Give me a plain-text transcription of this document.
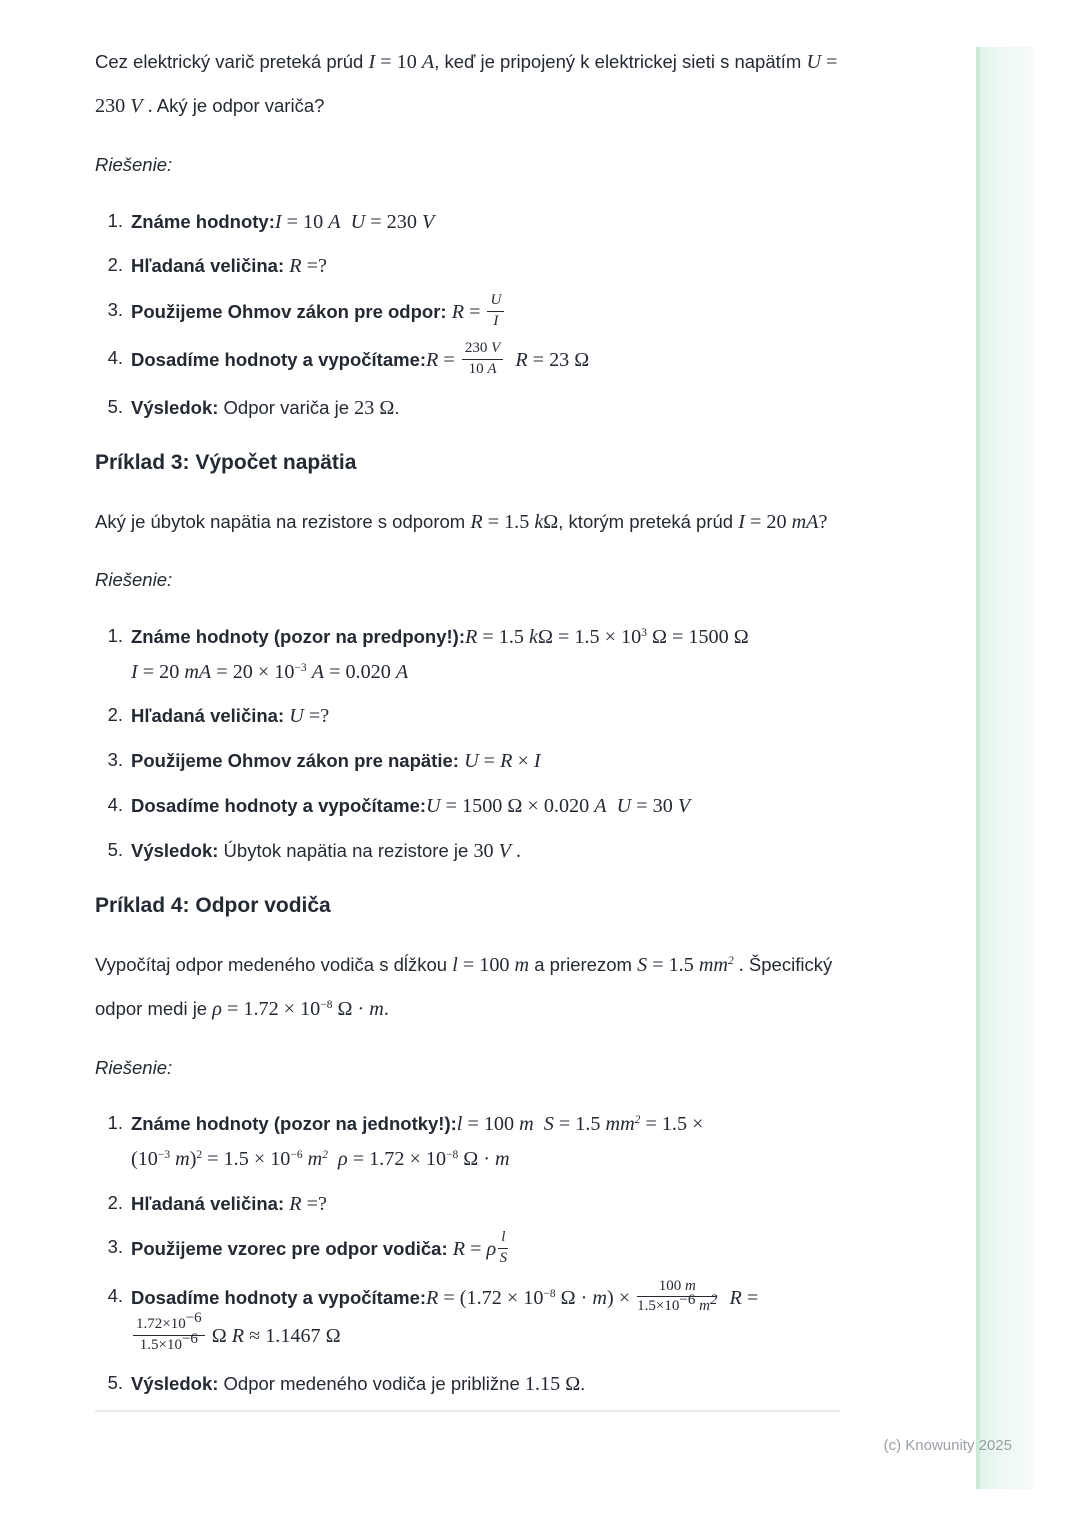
Cez elektrický varič preteká prúd I = 10 A, keď je pripojený k elektrickej sieti s napätím U = 230 V . Aký je odpor variča?

Riešenie:

1. Známe hodnoty:I = 10 A  U = 230 V
2. Hľadaná veličina: R =?
3. Použijeme Ohmov zákon pre odpor: $R = \frac{U}{I}$
4. Dosadíme hodnoty a vypočítame:R = $\frac{230 V}{10 A}$
  R = 23 Ω
5. Výsledok: Odpor variča je 23 Ω.
Príklad 3: Výpočet napätia

Aký je úbytok napätia na rezistore s odporom R = 1.5 kΩ, ktorým preteká prúd I = 20 mA?

Riešenie:

1. Známe hodnoty (pozor na predpony!):R = 1.5 $k\Omega = 1.5 \times 10^3$ Ω = 1500 Ω
I = 20 mA = $20 \times 10^{-3}$ A = 0.020 A
2. Hľadaná veličina: U =?
3. Použijeme Ohmov zákon pre napätie: U = R × I
4. Dosadíme hodnoty a vypočítame:U = 1500 Ω × 0.020 A  U = 30 V
5. Výsledok: Úbytok napätia na rezistore je 30 V .
Príklad 4: Odpor vodiča

Vypočítaj odpor medeného vodiča s dĺžkou l = 100 m a prierezom S = 1.5 $mm^2$ . Špecifický odpor medi je $\rho = 1.72 \times 10^{-8}$ Ω · m.

Riešenie:

1. Známe hodnoty (pozor na jednotky!):l = 100 m  S = 1.5 $mm^2 = 1.5$ ×
($10^{-3}$ $m)^2 = 1.5 \times 10^{-6}$ $m^2$  $\rho = 1.72 \times 10^{-8}$ Ω · m
2. Hľadaná veličina: R =?
3. Použijeme vzorec pre odpor vodiča: R = ρ $\frac{l}{S}$
4. Dosadíme hodnoty a vypočítame:R = ($1.72 \times 10^{-8}$ $\Omega \cdot m) \times \frac{100 m}{1.5\times 10-6 m2}$
  R =
$\frac{1.72\times 10-6}{1.5\times 10-6}$ Ω R ≈ 1.1467 Ω
5. Výsledok: Odpor medeného vodiča je približne 1.15 Ω.
(c) Knowunity 2025
